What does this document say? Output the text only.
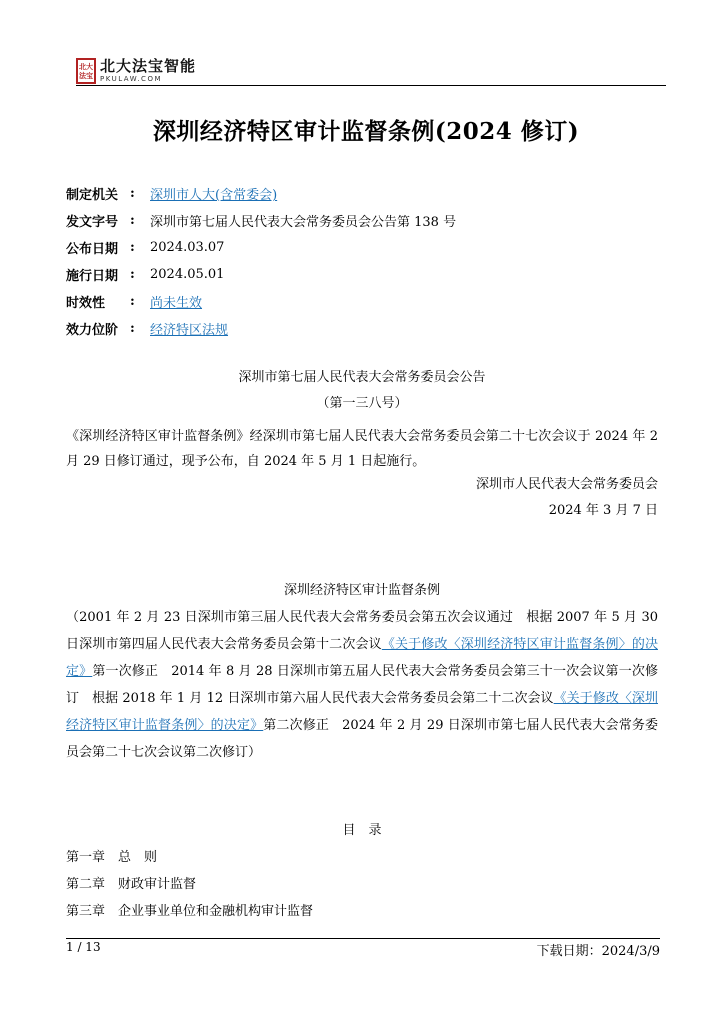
北大
法宝
北大法宝智能
PKULAW.COM
深圳经济特区审计监督条例(2024 修订)
制定机关 :	深圳市人大(含常委会)
发文字号 :	深圳市第七届人民代表大会常务委员会公告第 138 号
公布日期 :	2024.03.07
施行日期 :	2024.05.01
时效性	:	尚未生效
效力位阶 :	经济特区法规
深圳市第七届人民代表大会常务委员会公告
（第一三八号）
《深圳经济特区审计监督条例》经深圳市第七届人民代表大会常务委员会第二十七次会议于 2024 年 2 月 29 日修订通过，现予公布，自 2024 年 5 月 1 日起施行。
深圳市人民代表大会常务委员会
2024 年 3 月 7 日
深圳经济特区审计监督条例
（2001 年 2 月 23 日深圳市第三届人民代表大会常务委员会第五次会议通过　根据 2007 年 5 月 30 日深圳市第四届人民代表大会常务委员会第十二次会议《关于修改〈深圳经济特区审计监督条例〉的决定》第一次修正　2014 年 8 月 28 日深圳市第五届人民代表大会常务委员会第三十一次会议第一次修订　根据 2018 年 1 月 12 日深圳市第六届人民代表大会常务委员会第二十二次会议《关于修改〈深圳经济特区审计监督条例〉的决定》第二次修正　2024 年 2 月 29 日深圳市第七届人民代表大会常务委员会第二十七次会议第二次修订）
目　录
第一章　总　则
第二章　财政审计监督
第三章　企业事业单位和金融机构审计监督
1 / 13	下载日期：2024/3/9
